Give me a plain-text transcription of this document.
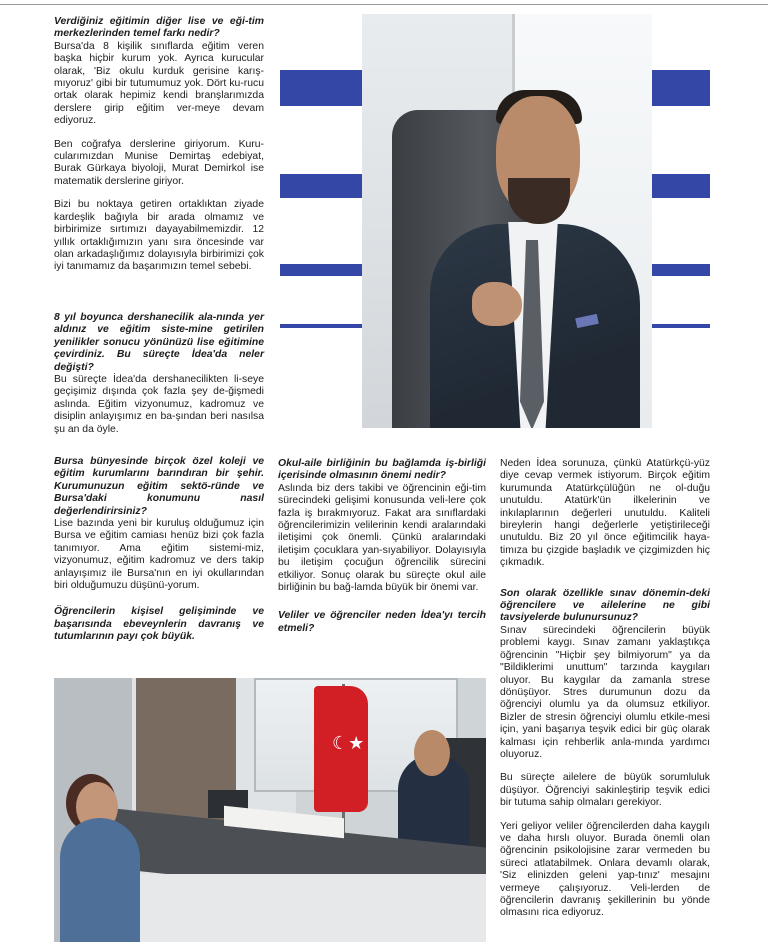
Verdiğiniz eğitimin diğer lise ve eği-tim merkezlerinden temel farkı nedir?

Bursa'da 8 kişilik sınıflarda eğitim veren başka hiçbir kurum yok. Ayrıca kurucular olarak, 'Biz okulu kurduk gerisine karış-mıyoruz' gibi bir tutumumuz yok. Dört ku-rucu ortak olarak hepimiz kendi branşlarımızda derslere girip eğitim ver-meye devam ediyoruz.

Ben coğrafya derslerine giriyorum. Kuru-cularımızdan Munise Demirtaş edebiyat, Burak Gürkaya biyoloji, Murat Demirkol ise matematik derslerine giriyor.

Bizi bu noktaya getiren ortaklıktan ziyade kardeşlik bağıyla bir arada olmamız ve birbirimize sırtımızı dayayabilmemizdir. 12 yıllık ortaklığımızın yanı sıra öncesinde var olan arkadaşlığımız dolayısıyla birbirimizi çok iyi tanımamız da başarımızın temel sebebi.

8 yıl boyunca dershanecilik ala-nında yer aldınız ve eğitim siste-mine getirilen yenilikler sonucu yönünüzü lise eğitimine çevirdiniz. Bu süreçte İdea'da neler değişti?

Bu süreçte İdea'da dershanecilikten li-seye geçişimiz dışında çok fazla şey de-ğişmedi aslında. Eğitim vizyonumuz, kadromuz ve disiplin anlayışımız en ba-şından beri nasılsa şu an da öyle.

Bursa bünyesinde birçok özel koleji ve eğitim kurumlarını barındıran bir şehir. Kurumunuzun eğitim sektö-ründe ve Bursa'daki konumunu nasıl değerlendirirsiniz?

Lise bazında yeni bir kuruluş olduğumuz için Bursa ve eğitim camiası henüz bizi çok fazla tanımıyor. Ama eğitim sistemi-miz, vizyonumuz, eğitim kadromuz ve ders takip anlayışımız ile Bursa'nın en iyi okullarından biri olduğumuzu düşünü-yorum.

Öğrencilerin kişisel gelişiminde ve başarısında ebeveynlerin davranış ve tutumlarının payı çok büyük.

Okul-aile birliğinin bu bağlamda iş-birliği içerisinde olmasının önemi nedir?

Aslında biz ders takibi ve öğrencinin eği-tim sürecindeki gelişimi konusunda veli-lere çok fazla iş bırakmıyoruz. Fakat ara sınıflardaki öğrencilerimizin velilerinin kendi aralarındaki iletişimi çok önemli. Çünkü aralarındaki iletişim çocuklara yan-sıyabiliyor. Dolayısıyla bu iletişim çocuğun öğrencilik sürecini etkiliyor. Sonuç olarak bu süreçte okul aile birliğinin bu bağ-lamda büyük bir önemi var.

Veliler ve öğrenciler neden İdea'yı tercih etmeli?

Neden İdea sorunuza, çünkü Atatürkçü-yüz diye cevap vermek istiyorum. Birçok eğitim kurumunda Atatürkçülüğün ne ol-duğu unutuldu. Atatürk'ün ilkelerinin ve inkılaplarının değerleri unutuldu. Kaliteli bireylerin hangi değerlerle yetiştirileceği unutuldu. Biz 20 yıl önce eğitimcilik haya-timıza bu çizgide başladık ve çizgimizden hiç çıkmadık.

Son olarak özellikle sınav dönemin-deki öğrencilere ve ailelerine ne gibi tavsiyelerde bulunursunuz?

Sınav sürecindeki öğrencilerin büyük problemi kaygı. Sınav zamanı yaklaştıkça öğrencinin "Hiçbir şey bilmiyorum" ya da "Bildiklerimi unuttum" tarzında kaygıları oluyor. Bu kaygılar da zamanla strese dönüşüyor. Stres durumunun dozu da öğrenciyi olumlu ya da olumsuz etkiliyor. Bizler de stresin öğrenciyi olumlu etkile-mesi için, yani başarıya teşvik edici bir güç olarak kalması için rehberlik anla-mında yardımcı oluyoruz.

Bu süreçte ailelere de büyük sorumluluk düşüyor. Öğrenciyi sakinleştirip teşvik edici bir tutuma sahip olmaları gerekiyor.

Yeri geliyor veliler öğrencilerden daha kaygılı ve daha hırslı oluyor. Burada önemli olan öğrencinin psikolojisine zarar vermeden bu süreci atlatabilmek. Onlara devamlı olarak, 'Siz elinizden geleni yap-tınız' mesajını vermeye çalışıyoruz. Veli-lerden de öğrencilerin davranış şekillerinin bu yönde olmasını rica ediyoruz.

☾★
